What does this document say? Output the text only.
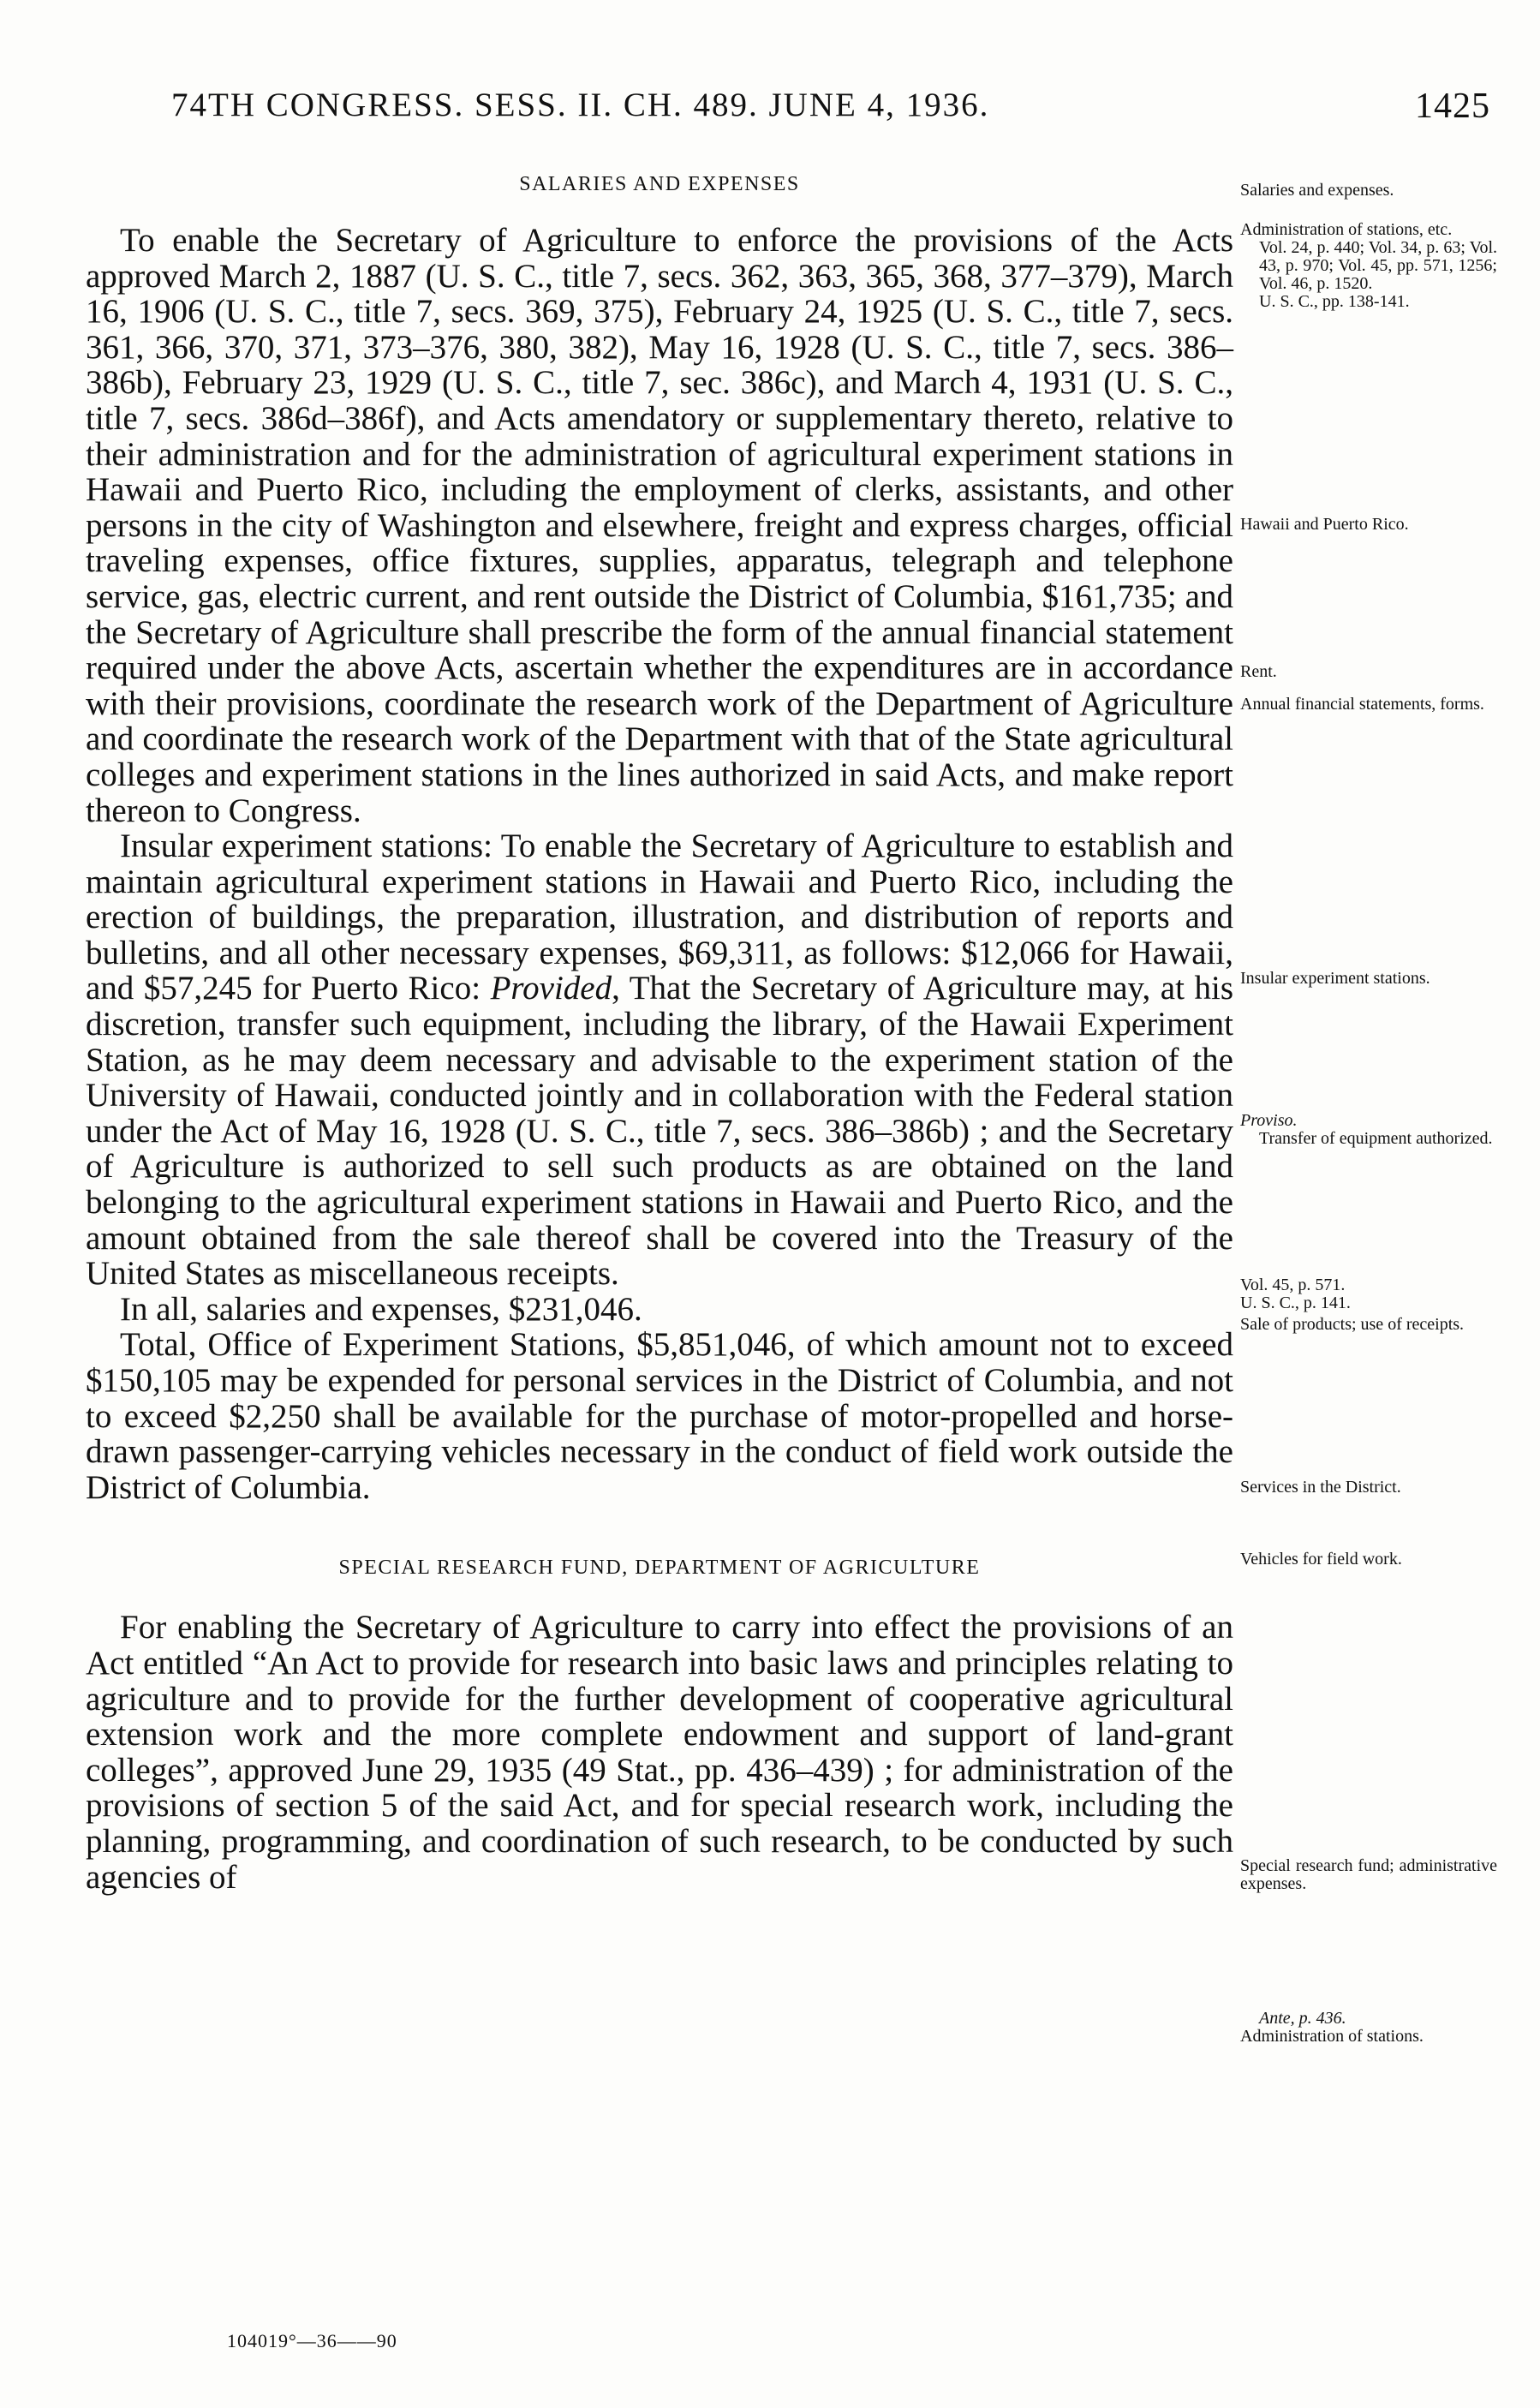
74TH CONGRESS. SESS. II. CH. 489. JUNE 4, 1936.	1425
SALARIES AND EXPENSES

To enable the Secretary of Agriculture to enforce the provisions of the Acts approved March 2, 1887 (U. S. C., title 7, secs. 362, 363, 365, 368, 377–379), March 16, 1906 (U. S. C., title 7, secs. 369, 375), February 24, 1925 (U. S. C., title 7, secs. 361, 366, 370, 371, 373–376, 380, 382), May 16, 1928 (U. S. C., title 7, secs. 386–386b), February 23, 1929 (U. S. C., title 7, sec. 386c), and March 4, 1931 (U. S. C., title 7, secs. 386d–386f), and Acts amendatory or supplementary thereto, relative to their administration and for the administration of agricultural experiment stations in Hawaii and Puerto Rico, including the employment of clerks, assistants, and other persons in the city of Washington and elsewhere, freight and express charges, official traveling expenses, office fixtures, supplies, apparatus, telegraph and telephone service, gas, electric current, and rent outside the District of Columbia, $161,735; and the Secretary of Agriculture shall prescribe the form of the annual financial statement required under the above Acts, ascertain whether the expenditures are in accordance with their provisions, coordinate the research work of the Department of Agriculture and coordinate the research work of the Department with that of the State agricultural colleges and experiment stations in the lines authorized in said Acts, and make report thereon to Congress.

Insular experiment stations: To enable the Secretary of Agriculture to establish and maintain agricultural experiment stations in Hawaii and Puerto Rico, including the erection of buildings, the preparation, illustration, and distribution of reports and bulletins, and all other necessary expenses, $69,311, as follows: $12,066 for Hawaii, and $57,245 for Puerto Rico: Provided, That the Secretary of Agriculture may, at his discretion, transfer such equipment, including the library, of the Hawaii Experiment Station, as he may deem necessary and advisable to the experiment station of the University of Hawaii, conducted jointly and in collaboration with the Federal station under the Act of May 16, 1928 (U. S. C., title 7, secs. 386–386b) ; and the Secretary of Agriculture is authorized to sell such products as are obtained on the land belonging to the agricultural experiment stations in Hawaii and Puerto Rico, and the amount obtained from the sale thereof shall be covered into the Treasury of the United States as miscellaneous receipts.

In all, salaries and expenses, $231,046.

Total, Office of Experiment Stations, $5,851,046, of which amount not to exceed $150,105 may be expended for personal services in the District of Columbia, and not to exceed $2,250 shall be available for the purchase of motor-propelled and horse-drawn passenger-carrying vehicles necessary in the conduct of field work outside the District of Columbia.

SPECIAL RESEARCH FUND, DEPARTMENT OF AGRICULTURE

For enabling the Secretary of Agriculture to carry into effect the provisions of an Act entitled “An Act to provide for research into basic laws and principles relating to agriculture and to provide for the further development of cooperative agricultural extension work and the more complete endowment and support of land-grant colleges”, approved June 29, 1935 (49 Stat., pp. 436–439) ; for administration of the provisions of section 5 of the said Act, and for special research work, including the planning, programming, and coordination of such research, to be conducted by such agencies of

Salaries and expenses.
Administration of stations, etc.
Vol. 24, p. 440; Vol. 34, p. 63; Vol. 43, p. 970; Vol. 45, pp. 571, 1256; Vol. 46, p. 1520.
U. S. C., pp. 138-141.
Hawaii and Puerto Rico.
Rent.
Annual financial statements, forms.
Insular experiment stations.
Proviso.
Transfer of equipment authorized.
Vol. 45, p. 571.
U. S. C., p. 141.
Sale of products; use of receipts.
Services in the District.
Vehicles for field work.
Special research fund; administrative expenses.
Ante, p. 436.
Administration of stations.
104019°—36——90
